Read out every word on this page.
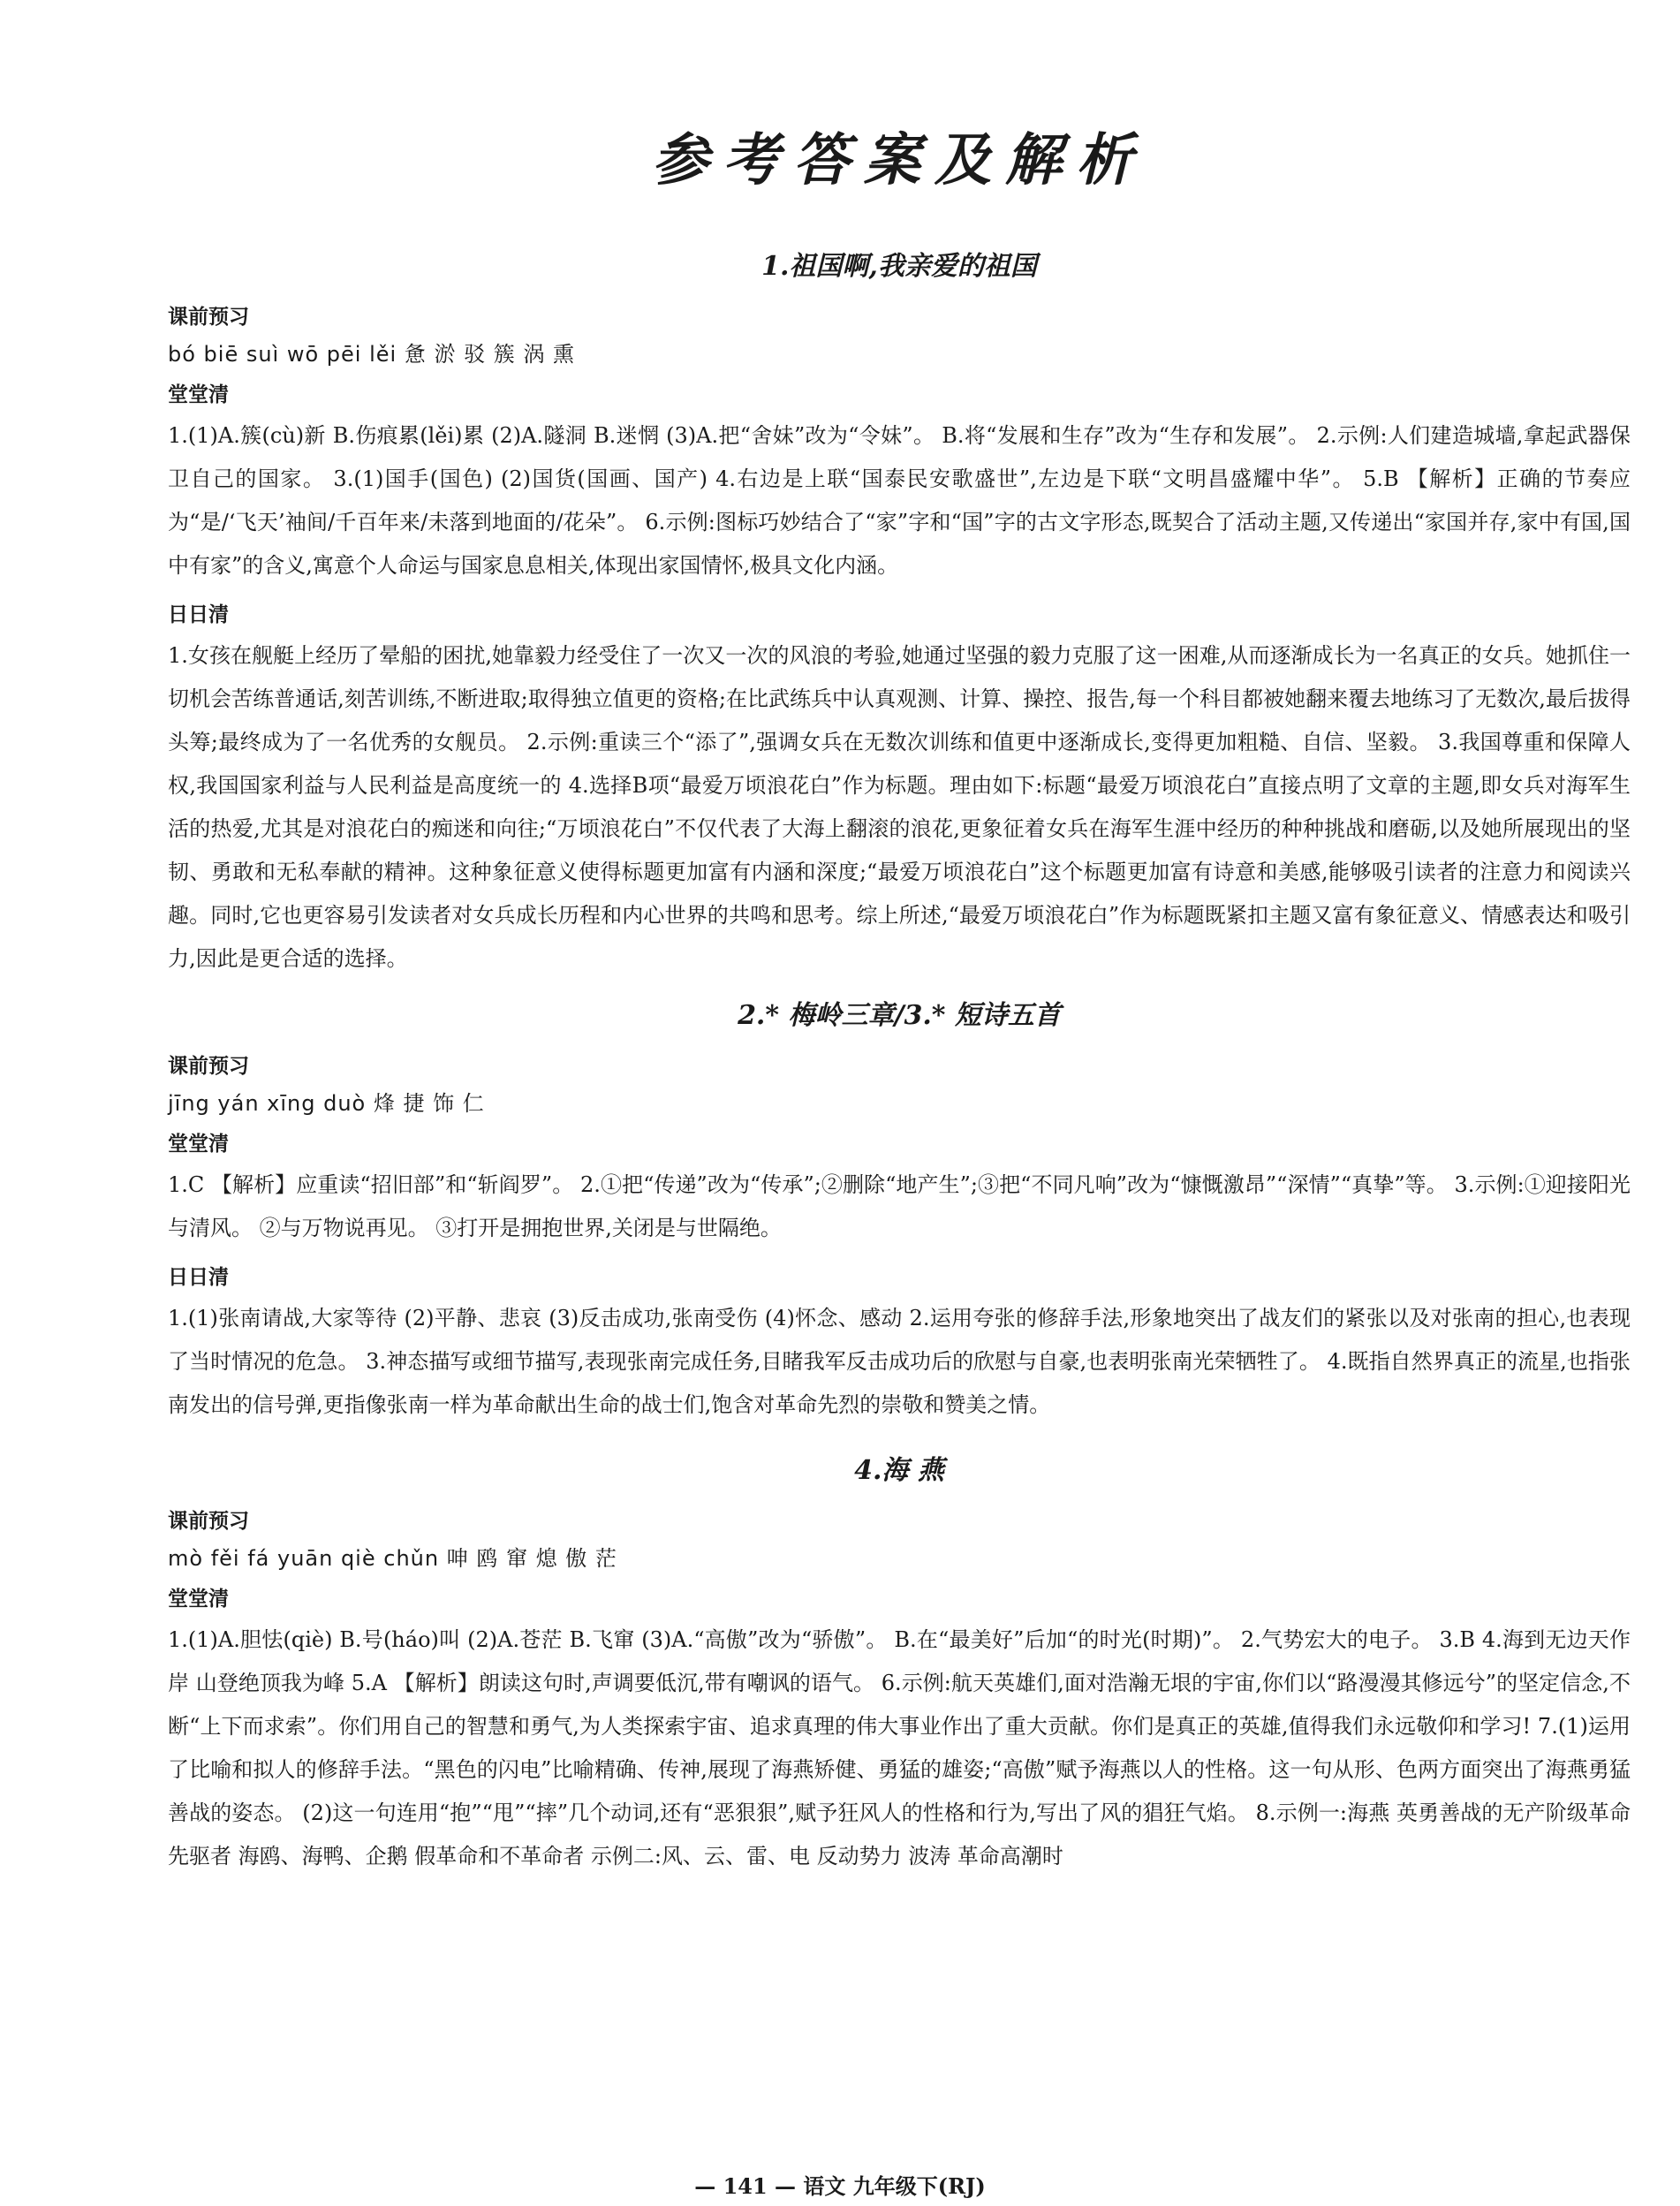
参考答案及解析
1.祖国啊,我亲爱的祖国
课前预习
bó biē suì wō pēi lěi 惫 淤 驳 簇 涡 熏
堂堂清

1.(1)A.簇(cù)新 B.伤痕累(lěi)累 (2)A.隧洞 B.迷惘 (3)A.把“舍妹”改为“令妹”。 B.将“发展和生存”改为“生存和发展”。 2.示例:人们建造城墙,拿起武器保卫自己的国家。 3.(1)国手(国色) (2)国货(国画、国产) 4.右边是上联“国泰民安歌盛世”,左边是下联“文明昌盛耀中华”。 5.B 【解析】正确的节奏应为“是/‘飞天’袖间/千百年来/未落到地面的/花朵”。 6.示例:图标巧妙结合了“家”字和“国”字的古文字形态,既契合了活动主题,又传递出“家国并存,家中有国,国中有家”的含义,寓意个人命运与国家息息相关,体现出家国情怀,极具文化内涵。

日日清

1.女孩在舰艇上经历了晕船的困扰,她靠毅力经受住了一次又一次的风浪的考验,她通过坚强的毅力克服了这一困难,从而逐渐成长为一名真正的女兵。她抓住一切机会苦练普通话,刻苦训练,不断进取;取得独立值更的资格;在比武练兵中认真观测、计算、操控、报告,每一个科目都被她翻来覆去地练习了无数次,最后拔得头筹;最终成为了一名优秀的女舰员。 2.示例:重读三个“添了”,强调女兵在无数次训练和值更中逐渐成长,变得更加粗糙、自信、坚毅。 3.我国尊重和保障人权,我国国家利益与人民利益是高度统一的 4.选择B项“最爱万顷浪花白”作为标题。理由如下:标题“最爱万顷浪花白”直接点明了文章的主题,即女兵对海军生活的热爱,尤其是对浪花白的痴迷和向往;“万顷浪花白”不仅代表了大海上翻滚的浪花,更象征着女兵在海军生涯中经历的种种挑战和磨砺,以及她所展现出的坚韧、勇敢和无私奉献的精神。这种象征意义使得标题更加富有内涵和深度;“最爱万顷浪花白”这个标题更加富有诗意和美感,能够吸引读者的注意力和阅读兴趣。同时,它也更容易引发读者对女兵成长历程和内心世界的共鸣和思考。综上所述,“最爱万顷浪花白”作为标题既紧扣主题又富有象征意义、情感表达和吸引力,因此是更合适的选择。

2.* 梅岭三章/3.* 短诗五首
课前预习
jīng yán xīng duò 烽 捷 饰 仁
堂堂清

1.C 【解析】应重读“招旧部”和“斩阎罗”。 2.①把“传递”改为“传承”;②删除“地产生”;③把“不同凡响”改为“慷慨激昂”“深情”“真挚”等。 3.示例:①迎接阳光与清风。 ②与万物说再见。 ③打开是拥抱世界,关闭是与世隔绝。

日日清

1.(1)张南请战,大家等待 (2)平静、悲哀 (3)反击成功,张南受伤 (4)怀念、感动 2.运用夸张的修辞手法,形象地突出了战友们的紧张以及对张南的担心,也表现了当时情况的危急。 3.神态描写或细节描写,表现张南完成任务,目睹我军反击成功后的欣慰与自豪,也表明张南光荣牺牲了。 4.既指自然界真正的流星,也指张南发出的信号弹,更指像张南一样为革命献出生命的战士们,饱含对革命先烈的崇敬和赞美之情。

4.海 燕
课前预习
mò fěi fá yuān qiè chǔn 呻 鸥 窜 熄 傲 茫
堂堂清

1.(1)A.胆怯(qiè) B.号(háo)叫 (2)A.苍茫 B.飞窜 (3)A.“高傲”改为“骄傲”。 B.在“最美好”后加“的时光(时期)”。 2.气势宏大的电子。 3.B 4.海到无边天作岸 山登绝顶我为峰 5.A 【解析】朗读这句时,声调要低沉,带有嘲讽的语气。 6.示例:航天英雄们,面对浩瀚无垠的宇宙,你们以“路漫漫其修远兮”的坚定信念,不断“上下而求索”。你们用自己的智慧和勇气,为人类探索宇宙、追求真理的伟大事业作出了重大贡献。你们是真正的英雄,值得我们永远敬仰和学习! 7.(1)运用了比喻和拟人的修辞手法。“黑色的闪电”比喻精确、传神,展现了海燕矫健、勇猛的雄姿;“高傲”赋予海燕以人的性格。这一句从形、色两方面突出了海燕勇猛善战的姿态。 (2)这一句连用“抱”“甩”“摔”几个动词,还有“恶狠狠”,赋予狂风人的性格和行为,写出了风的猖狂气焰。 8.示例一:海燕 英勇善战的无产阶级革命先驱者 海鸥、海鸭、企鹅 假革命和不革命者 示例二:风、云、雷、电 反动势力 波涛 革命高潮时

— 141 — 语文 九年级下(RJ)
